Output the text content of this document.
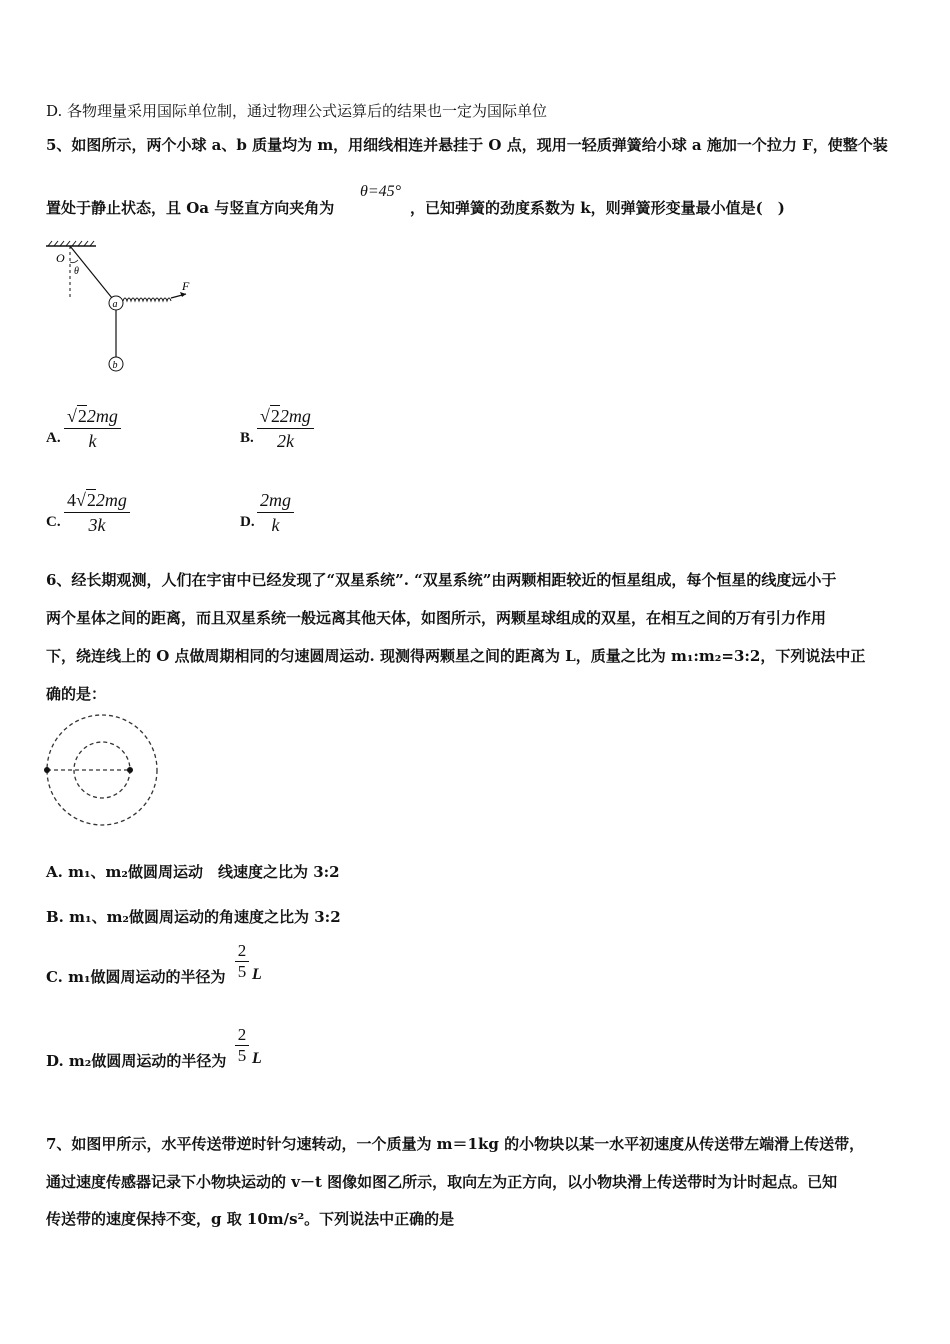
D. 各物理量采用国际单位制，通过物理公式运算后的结果也一定为国际单位
5、如图所示，两个小球 a、b 质量均为 m，用细线相连并悬挂于 O 点，现用一轻质弹簧给小球 a 施加一个拉力 F，使整个装
置处于静止状态，且 Oa 与竖直方向夹角为
θ=45°
，已知弹簧的劲度系数为 k，则弹簧形变量最小值是(　)
O
θ
a
F
b
A. $\frac{√22mg}{k}$	B. $\frac{√22mg}{2k}$
C. $\frac{4√22mg}{3k}$	D. $\frac{2mg}{k}$
6、经长期观测，人们在宇宙中已经发现了“双星系统”. “双星系统”由两颗相距较近的恒星组成，每个恒星的线度远小于
两个星体之间的距离，而且双星系统一般远离其他天体，如图所示，两颗星球组成的双星，在相互之间的万有引力作用
下，绕连线上的 O 点做周期相同的匀速圆周运动. 现测得两颗星之间的距离为 L，质量之比为 m₁:m₂=3:2，下列说法中正
确的是：
A. m₁、m₂做圆周运动　线速度之比为 3:2
B. m₁、m₂做圆周运动的角速度之比为 3:2
C. m₁做圆周运动的半径为 $\frac{2}{5}$ L
D. m₂做圆周运动的半径为 $\frac{2}{5}$ L
7、如图甲所示，水平传送带逆时针匀速转动，一个质量为 m＝1kg 的小物块以某一水平初速度从传送带左端滑上传送带，
通过速度传感器记录下小物块运动的 v－t 图像如图乙所示，取向左为正方向，以小物块滑上传送带时为计时起点。已知
传送带的速度保持不变，g 取 10m/s²。下列说法中正确的是
